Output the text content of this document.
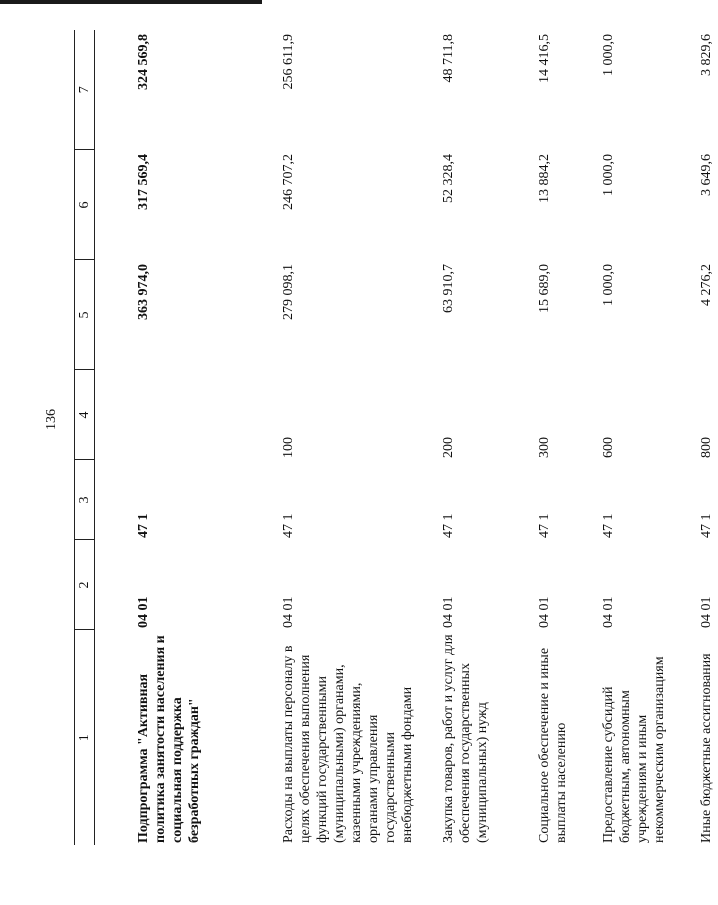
136
1	2	3	4	5	6	7
Подпрограмма "Активная политика занятости населения и социальная поддержка безработных граждан"	04 01	47 1		363 974,0	317 569,4	324 569,8
Расходы на выплаты персоналу в целях обеспечения выполнения функций государственными (муниципальными) органами, казенными учреждениями, органами управления государственными внебюджетными фондами	04 01	47 1	100	279 098,1	246 707,2	256 611,9
Закупка товаров, работ и услуг для обеспечения государственных (муниципальных) нужд	04 01	47 1	200	63 910,7	52 328,4	48 711,8
Социальное обеспечение и иные выплаты населению	04 01	47 1	300	15 689,0	13 884,2	14 416,5
Предоставление субсидий бюджетным, автономным учреждениям и иным некоммерческим организациям	04 01	47 1	600	1 000,0	1 000,0	1 000,0
Иные бюджетные ассигнования	04 01	47 1	800	4 276,2	3 649,6	3 829,6
